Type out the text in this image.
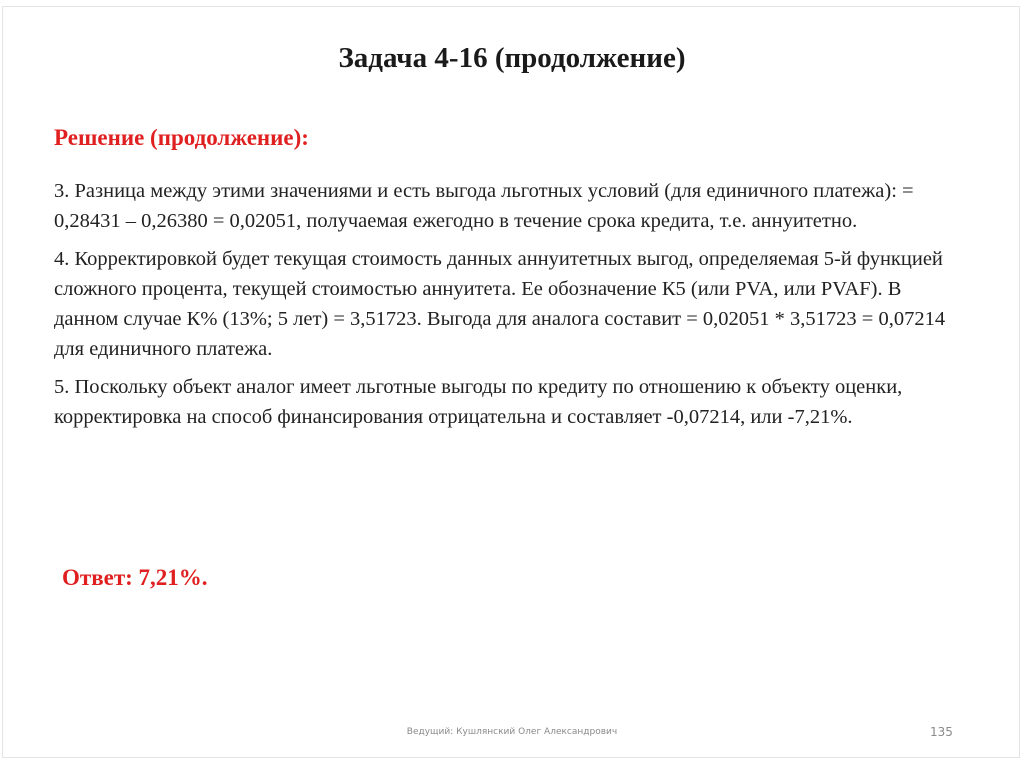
Задача 4-16 (продолжение)
Решение (продолжение):

3. Разница между этими значениями и есть выгода льготных условий (для единичного платежа): = 0,28431 – 0,26380 = 0,02051, получаемая ежегодно в течение срока кредита, т.е. аннуитетно.

4. Корректировкой будет текущая стоимость данных аннуитетных выгод, определяемая 5-й функцией сложного процента, текущей стоимостью аннуитета. Ее обозначение К5 (или PVA, или PVAF). В данном случае К% (13%; 5 лет) = 3,51723. Выгода для аналога составит = 0,02051 * 3,51723 = 0,07214 для единичного платежа.

5. Поскольку объект аналог имеет льготные выгоды по кредиту по отношению к объекту оценки, корректировка на способ финансирования отрицательна и составляет -0,07214, или -7,21%.

Ответ: 7,21%.
Ведущий: Кушлянский Олег Александрович	135
